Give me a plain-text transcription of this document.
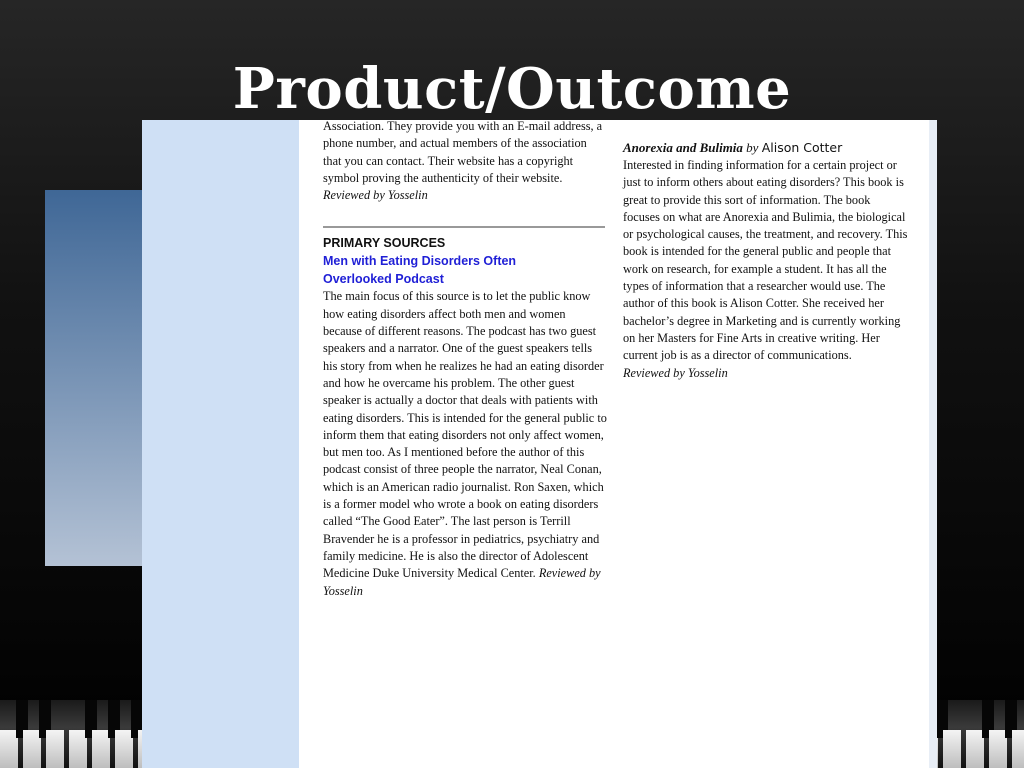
Product/Outcome

Association. They provide you with an E-mail address, a phone number, and actual members of the association that you can contact. Their website has a copyright symbol proving the authenticity of their website.

Reviewed by Yosselin

PRIMARY SOURCES
Men with Eating Disorders Often
Overlooked Podcast

The main focus of this source is to let the public know how eating disorders affect both men and women because of different reasons. The podcast has two guest speakers and a narrator. One of the guest speakers tells his story from when he realizes he had an eating disorder and how he overcame his problem. The other guest speaker is actually a doctor that deals with patients with eating disorders. This is intended for the general public to inform them that eating disorders not only affect women, but men too. As I mentioned before the author of this podcast consist of three people the narrator, Neal Conan, which is an American radio journalist. Ron Saxen, which is a former model who wrote a book on eating disorders called “The Good Eater”. The last person is Terrill Bravender he is a professor in pediatrics, psychiatry and family medicine. He is also the director of Adolescent Medicine Duke University Medical Center. Reviewed by Yosselin

Anorexia and Bulimia by Alison Cotter

Interested in finding information for a certain project or just to inform others about eating disorders? This book is great to provide this sort of information. The book focuses on what are Anorexia and Bulimia, the biological or psychological causes, the treatment, and recovery. This book is intended for the general public and people that work on research, for example a student. It has all the types of information that a researcher would use. The author of this book is Alison Cotter. She received her bachelor’s degree in Marketing and is currently working on her Masters for Fine Arts in creative writing. Her current job is as a director of communications.

Reviewed by Yosselin
